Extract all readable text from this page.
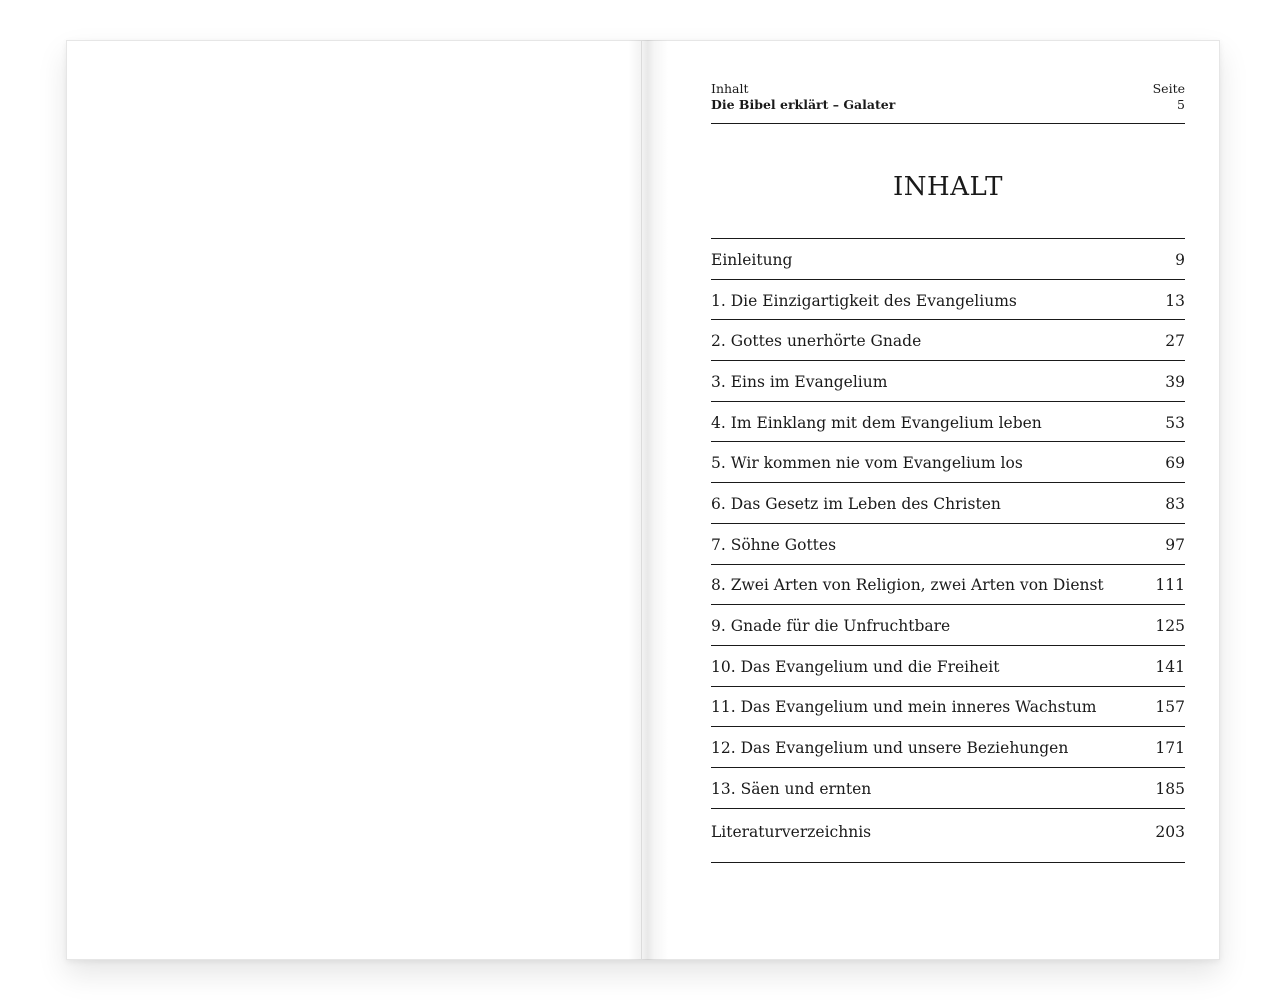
Inhalt
Die Bibel erklärt – Galater
Seite
5
INHALT
Einleitung	9
1. Die Einzigartigkeit des Evangeliums	13
2. Gottes unerhörte Gnade	27
3. Eins im Evangelium	39
4. Im Einklang mit dem Evangelium leben	53
5. Wir kommen nie vom Evangelium los	69
6. Das Gesetz im Leben des Christen	83
7. Söhne Gottes	97
8. Zwei Arten von Religion, zwei Arten von Dienst	111
9. Gnade für die Unfruchtbare	125
10. Das Evangelium und die Freiheit	141
11. Das Evangelium und mein inneres Wachstum	157
12. Das Evangelium und unsere Beziehungen	171
13. Säen und ernten	185
Literaturverzeichnis	203
